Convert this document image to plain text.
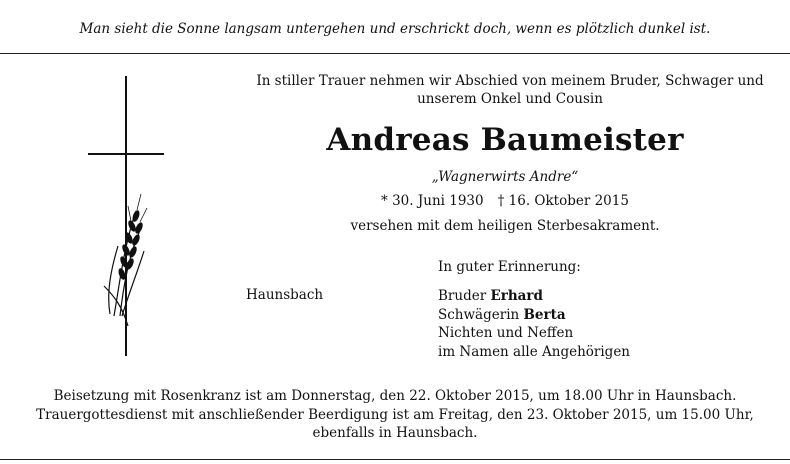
Man sieht die Sonne langsam untergehen und erschrickt doch, wenn es plötzlich dunkel ist.
In stiller Trauer nehmen wir Abschied von meinem Bruder, Schwager und
unserem Onkel und Cousin
Andreas Baumeister
„Wagnerwirts Andre“
* 30. Juni 1930 † 16. Oktober 2015
versehen mit dem heiligen Sterbesakrament.
In guter Erinnerung:
Haunsbach	Bruder Erhard
Schwägerin Berta
Nichten und Neffen
im Namen alle Angehörigen
Beisetzung mit Rosenkranz ist am Donnerstag, den 22. Oktober 2015, um 18.00 Uhr in Haunsbach.
Trauergottesdienst mit anschließender Beerdigung ist am Freitag, den 23. Oktober 2015, um 15.00 Uhr,
ebenfalls in Haunsbach.
